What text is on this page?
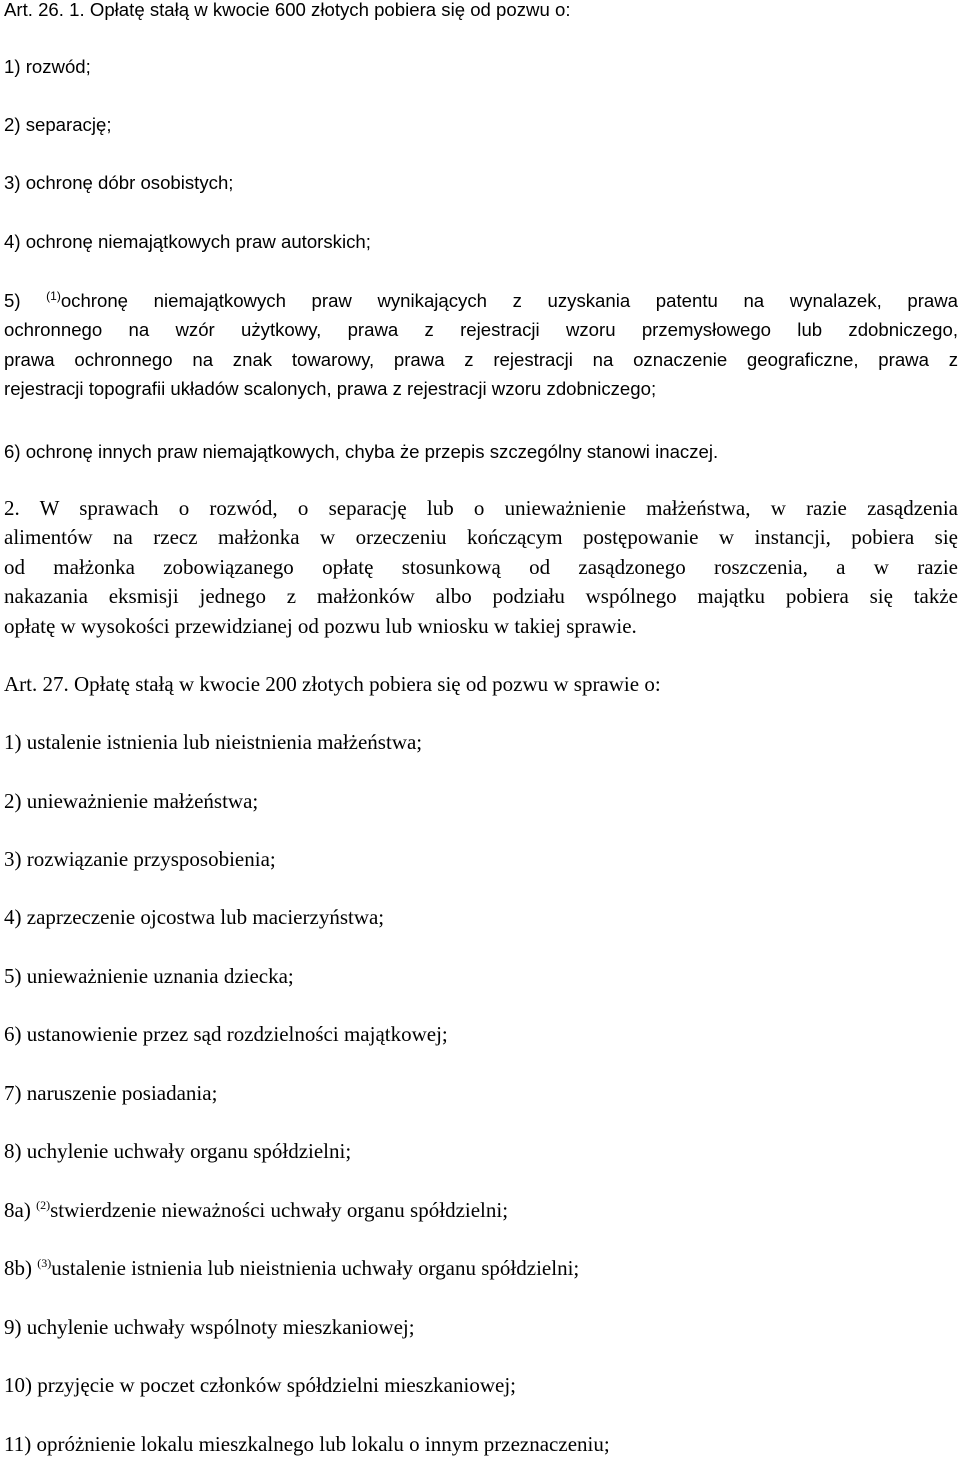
Art. 26. 1. Opłatę stałą w kwocie 600 złotych pobiera się od pozwu o:
1) rozwód;
2) separację;
3) ochronę dóbr osobistych;
4) ochronę niemajątkowych praw autorskich;
5) $^{(1)}$ochronę niemajątkowych praw wynikających z uzyskania patentu na wynalazek, prawa
ochronnego na wzór użytkowy, prawa z rejestracji wzoru przemysłowego lub zdobniczego,
prawa ochronnego na znak towarowy, prawa z rejestracji na oznaczenie geograficzne, prawa z
rejestracji topografii układów scalonych, prawa z rejestracji wzoru zdobniczego;
6) ochronę innych praw niemajątkowych, chyba że przepis szczególny stanowi inaczej.
2. W sprawach o rozwód, o separację lub o unieważnienie małżeństwa, w razie zasądzenia
alimentów na rzecz małżonka w orzeczeniu kończącym postępowanie w instancji, pobiera się
od małżonka zobowiązanego opłatę stosunkową od zasądzonego roszczenia, a w razie
nakazania eksmisji jednego z małżonków albo podziału wspólnego majątku pobiera się także
opłatę w wysokości przewidzianej od pozwu lub wniosku w takiej sprawie.
Art. 27. Opłatę stałą w kwocie 200 złotych pobiera się od pozwu w sprawie o:
1) ustalenie istnienia lub nieistnienia małżeństwa;
2) unieważnienie małżeństwa;
3) rozwiązanie przysposobienia;
4) zaprzeczenie ojcostwa lub macierzyństwa;
5) unieważnienie uznania dziecka;
6) ustanowienie przez sąd rozdzielności majątkowej;
7) naruszenie posiadania;
8) uchylenie uchwały organu spółdzielni;
8a) $^{(2)}$stwierdzenie nieważności uchwały organu spółdzielni;
8b) $^{(3)}$ustalenie istnienia lub nieistnienia uchwały organu spółdzielni;
9) uchylenie uchwały wspólnoty mieszkaniowej;
10) przyjęcie w poczet członków spółdzielni mieszkaniowej;
11) opróżnienie lokalu mieszkalnego lub lokalu o innym przeznaczeniu;
